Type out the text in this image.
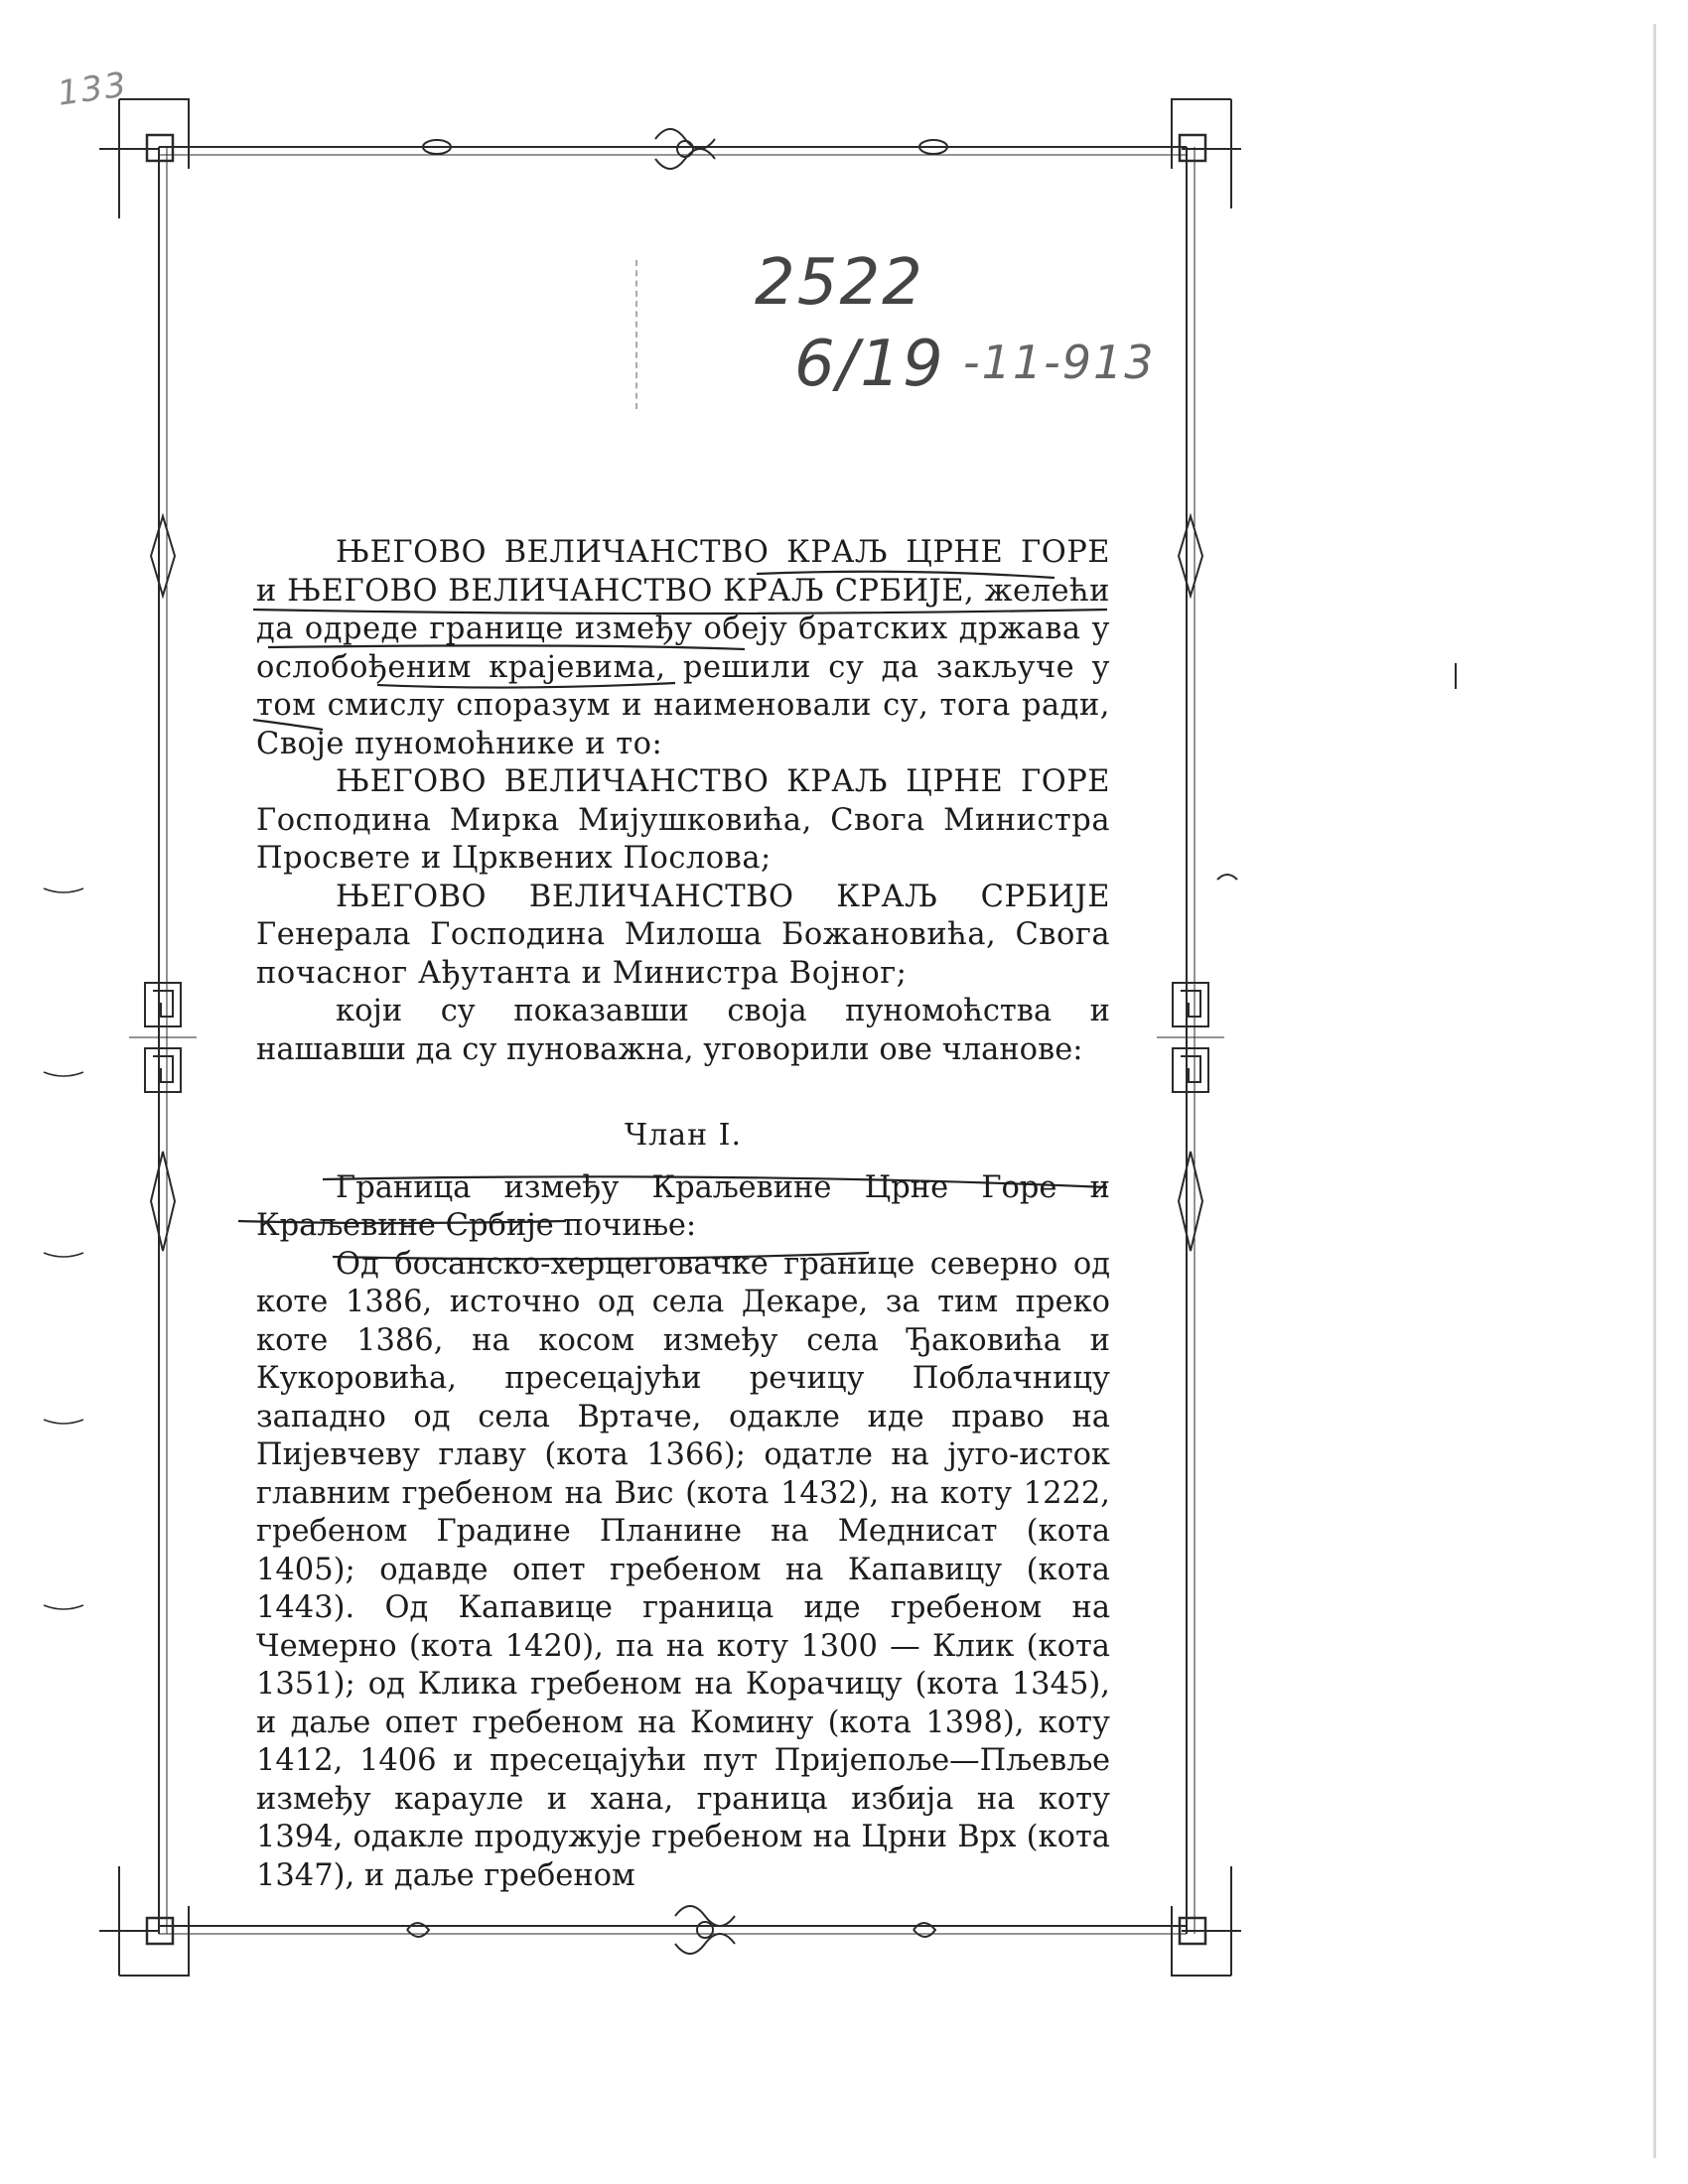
133
2522
6/19 -11-913

ЊЕГОВО ВЕЛИЧАНСТВО КРАЉ ЦРНЕ ГОРЕ и ЊЕГОВО ВЕЛИЧАНСТВО КРАЉ СРБИЈЕ, желећи да одреде границе између обеју братских држава у ослобођеним крајевима, решили су да закључе у том смислу споразум и наименовали су, тога ради, Своје пуномоћнике и то:

ЊЕГОВО ВЕЛИЧАНСТВО КРАЉ ЦРНЕ ГОРЕ Господина Мирка Мијушковића, Свога Министра Просвете и Црквених Послова;

ЊЕГОВО ВЕЛИЧАНСТВО КРАЉ СРБИЈЕ Генерала Господина Милоша Божановића, Свога почасног Ађутанта и Министра Војног;

који су показавши своја пуномоћства и нашавши да су пуноважна, уговорили ове чланове:

Члан I.

Граница између Краљевине Црне Горе и Краљевине Србије почиње:

Од босанско-херцеговачке границе северно од коте 1386, источно од села Декаре, за тим преко коте 1386, на косом између села Ђаковића и Кукоровића, пресецајући речицу Поблачницу западно од села Вртаче, одакле иде право на Пијевчеву главу (кота 1366); одатле на југо-исток главним гребеном на Вис (кота 1432), на коту 1222, гребеном Градине Планине на Меднисат (кота 1405); одавде опет гребеном на Капавицу (кота 1443). Од Капавице граница иде гребеном на Чемерно (кота 1420), па на коту 1300 — Клик (кота 1351); од Клика гребеном на Корачицу (кота 1345), и даље опет гребеном на Комину (кота 1398), коту 1412, 1406 и пресецајући пут Пријепоље—Пљевље између карауле и хана, граница избија на коту 1394, одакле продужује гребеном на Црни Врх (кота 1347), и даље гребеном
